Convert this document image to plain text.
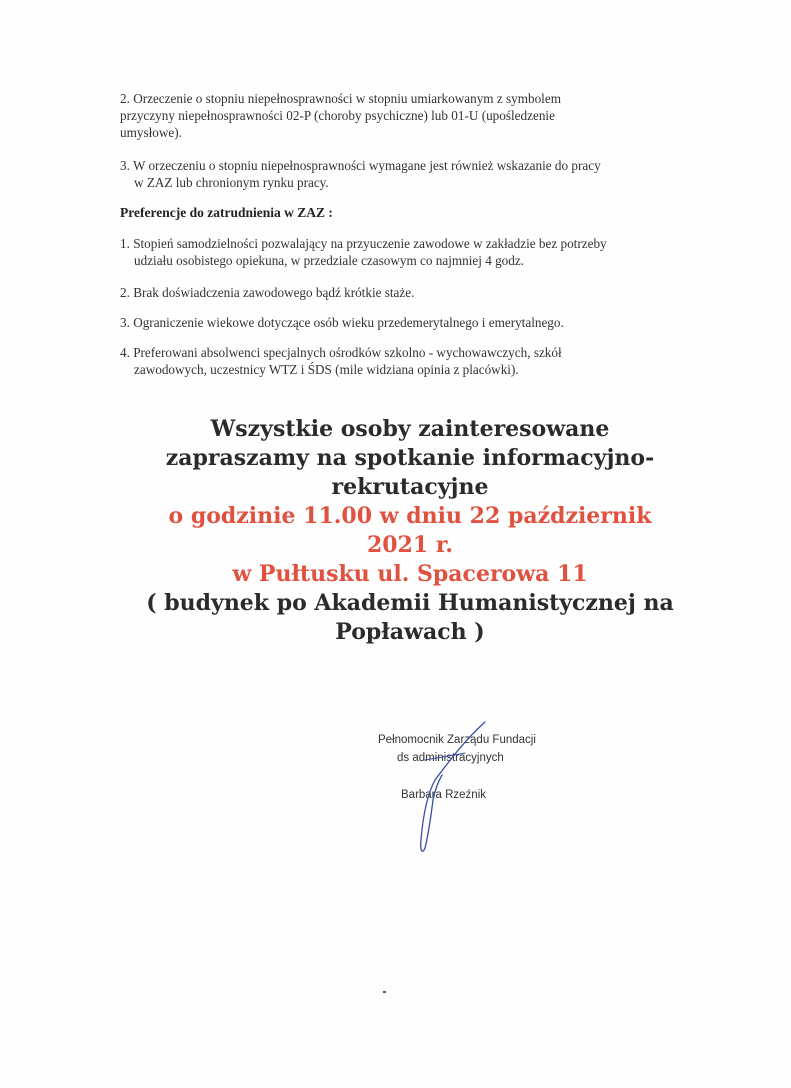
2. Orzeczenie o stopniu niepełnosprawności w stopniu umiarkowanym z symbolem
przyczyny niepełnosprawności 02-P (choroby psychiczne) lub 01-U (upośledzenie
umysłowe).
3. W orzeczeniu o stopniu niepełnosprawności wymagane jest również wskazanie do pracy
w ZAZ lub chronionym rynku pracy.
Preferencje do zatrudnienia w ZAZ :
1. Stopień samodzielności pozwalający na przyuczenie zawodowe w zakładzie bez potrzeby
udziału osobistego opiekuna, w przedziale czasowym co najmniej 4 godz.
2. Brak doświadczenia zawodowego bądź krótkie staże.
3. Ograniczenie wiekowe dotyczące osób wieku przedemerytalnego i emerytalnego.
4. Preferowani absolwenci specjalnych ośrodków szkolno - wychowawczych, szkół
zawodowych, uczestnicy WTZ i ŚDS (mile widziana opinia z placówki).
Wszystkie osoby zainteresowane
zapraszamy na spotkanie informacyjno-
rekrutacyjne
o godzinie 11.00 w dniu 22 październik
2021 r.
w Pułtusku ul. Spacerowa 11
( budynek po Akademii Humanistycznej na
Popławach )
Pełnomocnik Zarządu Fundacji
ds administracyjnych
Barbara Rzeźnik
